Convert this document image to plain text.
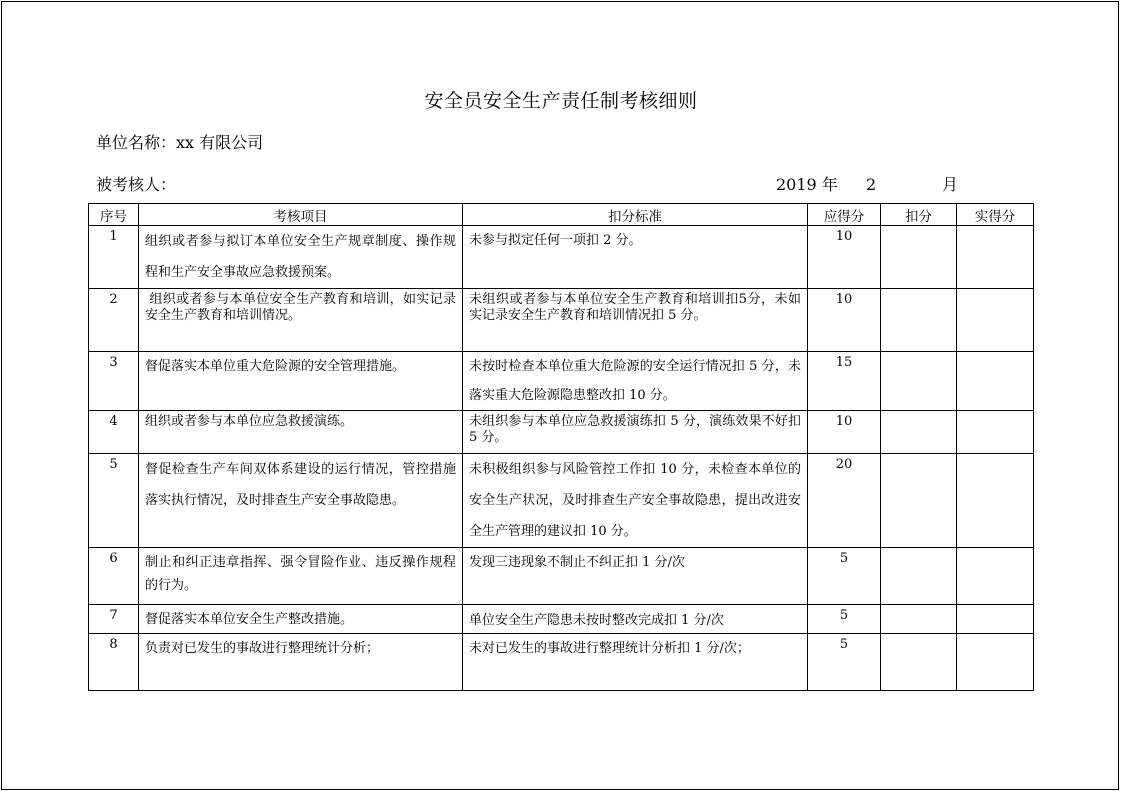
安全员安全生产责任制考核细则
单位名称：xx 有限公司
被考核人：	2019 年 2	月
序号	考核项目	扣分标准	应得分	扣分	实得分
1	组织或者参与拟订本单位安全生产规章制度、操作规程和生产安全事故应急救援预案。	未参与拟定任何一项扣 2 分。	10		
2	组织或者参与本单位安全生产教育和培训，如实记录安全生产教育和培训情况。	未组织或者参与本单位安全生产教育和培训扣5分，未如实记录安全生产教育和培训情况扣 5 分。	10		
3	督促落实本单位重大危险源的安全管理措施。	未按时检查本单位重大危险源的安全运行情况扣 5 分，未落实重大危险源隐患整改扣 10 分。	15		
4	组织或者参与本单位应急救援演练。	未组织参与本单位应急救援演练扣 5 分，演练效果不好扣 5 分。	10		
5	督促检查生产车间双体系建设的运行情况，管控措施落实执行情况，及时排查生产安全事故隐患。	未积极组织参与风险管控工作扣 10 分，未检查本单位的安全生产状况，及时排查生产安全事故隐患，提出改进安全生产管理的建议扣 10 分。	20		
6	制止和纠正违章指挥、强令冒险作业、违反操作规程的行为。	发现三违现象不制止不纠正扣 1 分/次	5		
7	督促落实本单位安全生产整改措施。	单位安全生产隐患未按时整改完成扣 1 分/次	5		
8	负责对已发生的事故进行整理统计分析；	未对已发生的事故进行整理统计分析扣 1 分/次；	5		
